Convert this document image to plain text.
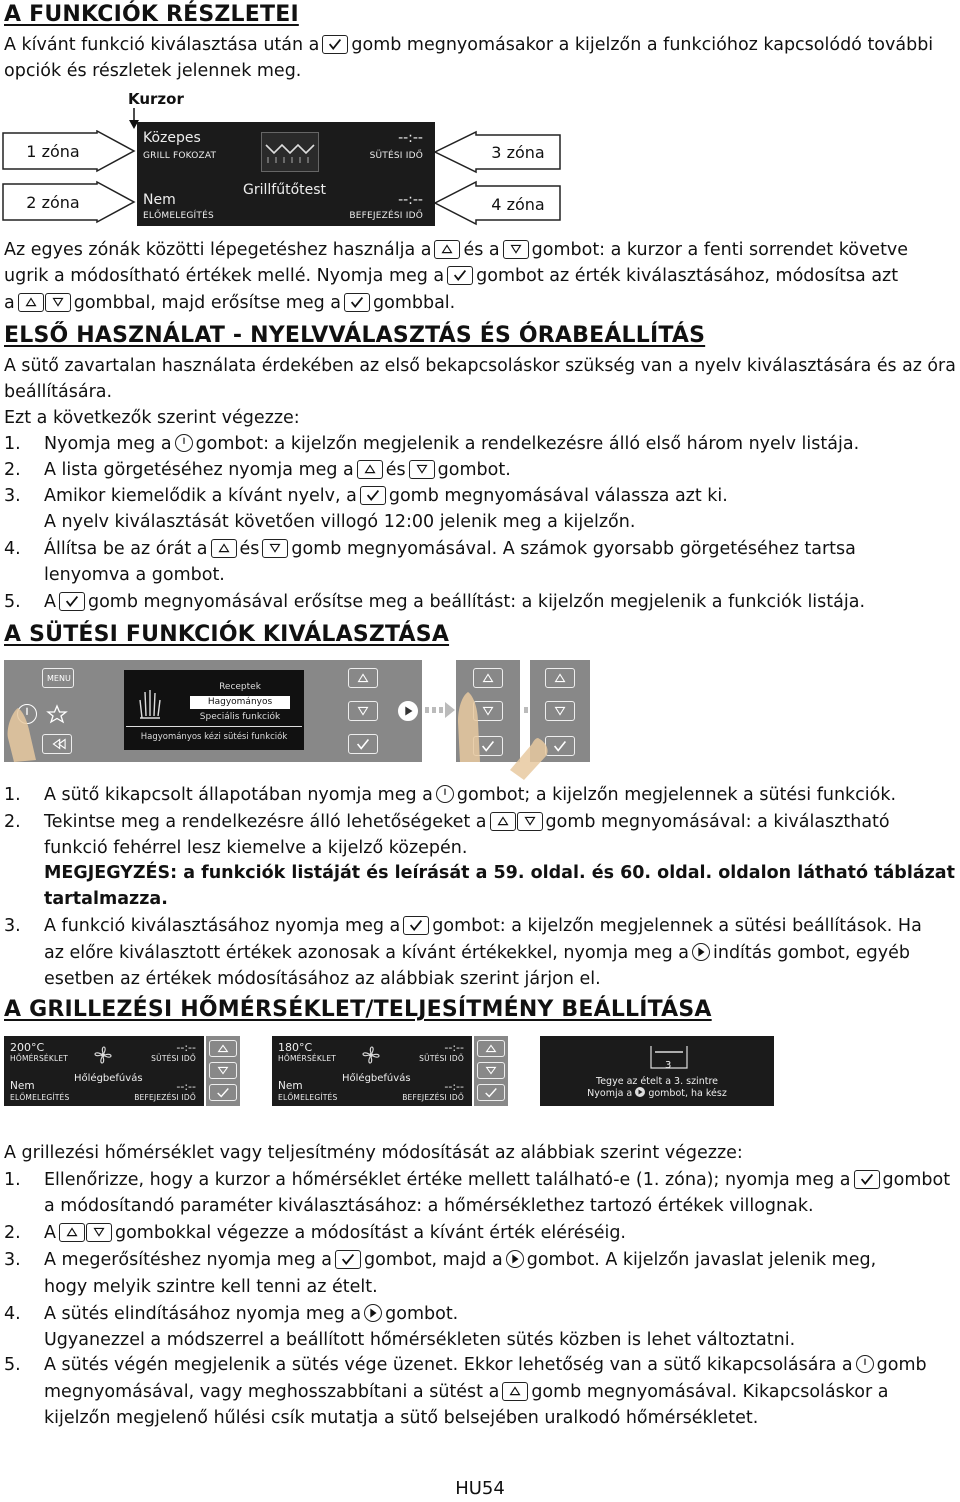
A FUNKCIÓK RÉSZLETEI
A kívánt funkció kiválasztása után a gomb megnyomásakor a kijelzőn a funkcióhoz kapcsolódó további
opciók és részletek jelennek meg.
Kurzor
1 zóna
2 zóna
3 zóna
4 zóna
Közepes
GRILL FOKOZAT
--:--
SÜTÉSI IDŐ
Grillfűtőtest
Nem
ELŐMELEGÍTÉS
--:--
BEFEJEZÉSI IDŐ
Az egyes zónák közötti lépegetéshez használja a és a gombot: a kurzor a fenti sorrendet követve
ugrik a módosítható értékek mellé. Nyomja meg a gombot az érték kiválasztásához, módosítsa azt
a	gombbal, majd erősítse meg a gombbal.
ELSŐ HASZNÁLAT - NYELVVÁLASZTÁS ÉS ÓRABEÁLLÍTÁS
A sütő zavartalan használata érdekében az első bekapcsoláskor szükség van a nyelv kiválasztására és az óra
beállítására.
Ezt a következők szerint végezze:
1. Nyomja meg a gombot: a kijelzőn megjelenik a rendelkezésre álló első három nyelv listája.
2. A lista görgetéséhez nyomja meg a és gombot.
3. Amikor kiemelődik a kívánt nyelv, a gomb megnyomásával válassza azt ki.
A nyelv kiválasztását követően villogó 12:00 jelenik meg a kijelzőn.
4. Állítsa be az órát a és gomb megnyomásával. A számok gyorsabb görgetéséhez tartsa
lenyomva a gombot.
5. A gomb megnyomásával erősítse meg a beállítást: a kijelzőn megjelenik a funkciók listája.
A SÜTÉSI FUNKCIÓK KIVÁLASZTÁSA
MENU
Receptek
Hagyományos
Speciális funkciók
Hagyományos kézi sütési funkciók
1. A sütő kikapcsolt állapotában nyomja meg a gombot; a kijelzőn megjelennek a sütési funkciók.
2. Tekintse meg a rendelkezésre álló lehetőségeket a	gomb megnyomásával: a kiválasztható
funkció fehérrel lesz kiemelve a kijelző közepén.
MEGJEGYZÉS: a funkciók listáját és leírását a 59. oldal. és 60. oldal. oldalon látható táblázat
tartalmazza.
3. A funkció kiválasztásához nyomja meg a gombot: a kijelzőn megjelennek a sütési beállítások. Ha
az előre kiválasztott értékek azonosak a kívánt értékekkel, nyomja meg a indítás gombot, egyéb
esetben az értékek módosításához az alábbiak szerint járjon el.
A GRILLEZÉSI HŐMÉRSÉKLET/TELJESÍTMÉNY BEÁLLÍTÁSA
200°C
HŐMÉRSÉKLET
--:--
SÜTÉSI IDŐ
Hőlégbefúvás
Nem
ELŐMELEGÍTÉS
--:--
BEFEJEZÉSI IDŐ
180°C
HŐMÉRSÉKLET
--:--
SÜTÉSI IDŐ
Hőlégbefúvás
Nem
ELŐMELEGÍTÉS
--:--
BEFEJEZÉSI IDŐ
3
Tegye az ételt a 3. szintre
Nyomja a gombot, ha kész
A grillezési hőmérséklet vagy teljesítmény módosítását az alábbiak szerint végezze:
1. Ellenőrizze, hogy a kurzor a hőmérséklet értéke mellett található-e (1. zóna); nyomja meg a gombot
a módosítandó paraméter kiválasztásához: a hőmérséklethez tartozó értékek villognak.
2. A	gombokkal végezze a módosítást a kívánt érték eléréséig.
3. A megerősítéshez nyomja meg a gombot, majd a gombot. A kijelzőn javaslat jelenik meg,
hogy melyik szintre kell tenni az ételt.
4. A sütés elindításához nyomja meg a gombot.
Ugyanezzel a módszerrel a beállított hőmérsékleten sütés közben is lehet változtatni.
5. A sütés végén megjelenik a sütés vége üzenet. Ekkor lehetőség van a sütő kikapcsolására a gomb
megnyomásával, vagy meghosszabbítani a sütést a gomb megnyomásával. Kikapcsoláskor a
kijelzőn megjelenő hűlési csík mutatja a sütő belsejében uralkodó hőmérsékletet.
HU54
